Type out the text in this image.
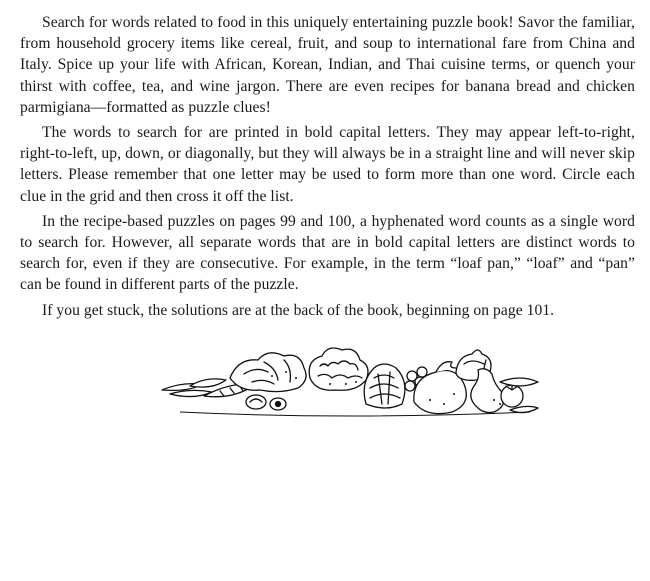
Search for words related to food in this uniquely entertaining puzzle book! Savor the familiar, from household grocery items like cereal, fruit, and soup to international fare from China and Italy. Spice up your life with African, Korean, Indian, and Thai cuisine terms, or quench your thirst with coffee, tea, and wine jargon. There are even recipes for banana bread and chicken parmigiana—formatted as puzzle clues!

The words to search for are printed in bold capital letters. They may appear left-to-right, right-to-left, up, down, or diagonally, but they will always be in a straight line and will never skip letters. Please remember that one letter may be used to form more than one word. Circle each clue in the grid and then cross it off the list.

In the recipe-based puzzles on pages 99 and 100, a hyphenated word counts as a single word to search for. However, all separate words that are in bold capital letters are distinct words to search for, even if they are consecutive. For example, in the term “loaf pan,” “loaf” and “pan” can be found in different parts of the puzzle.

If you get stuck, the solutions are at the back of the book, beginning on page 101.
